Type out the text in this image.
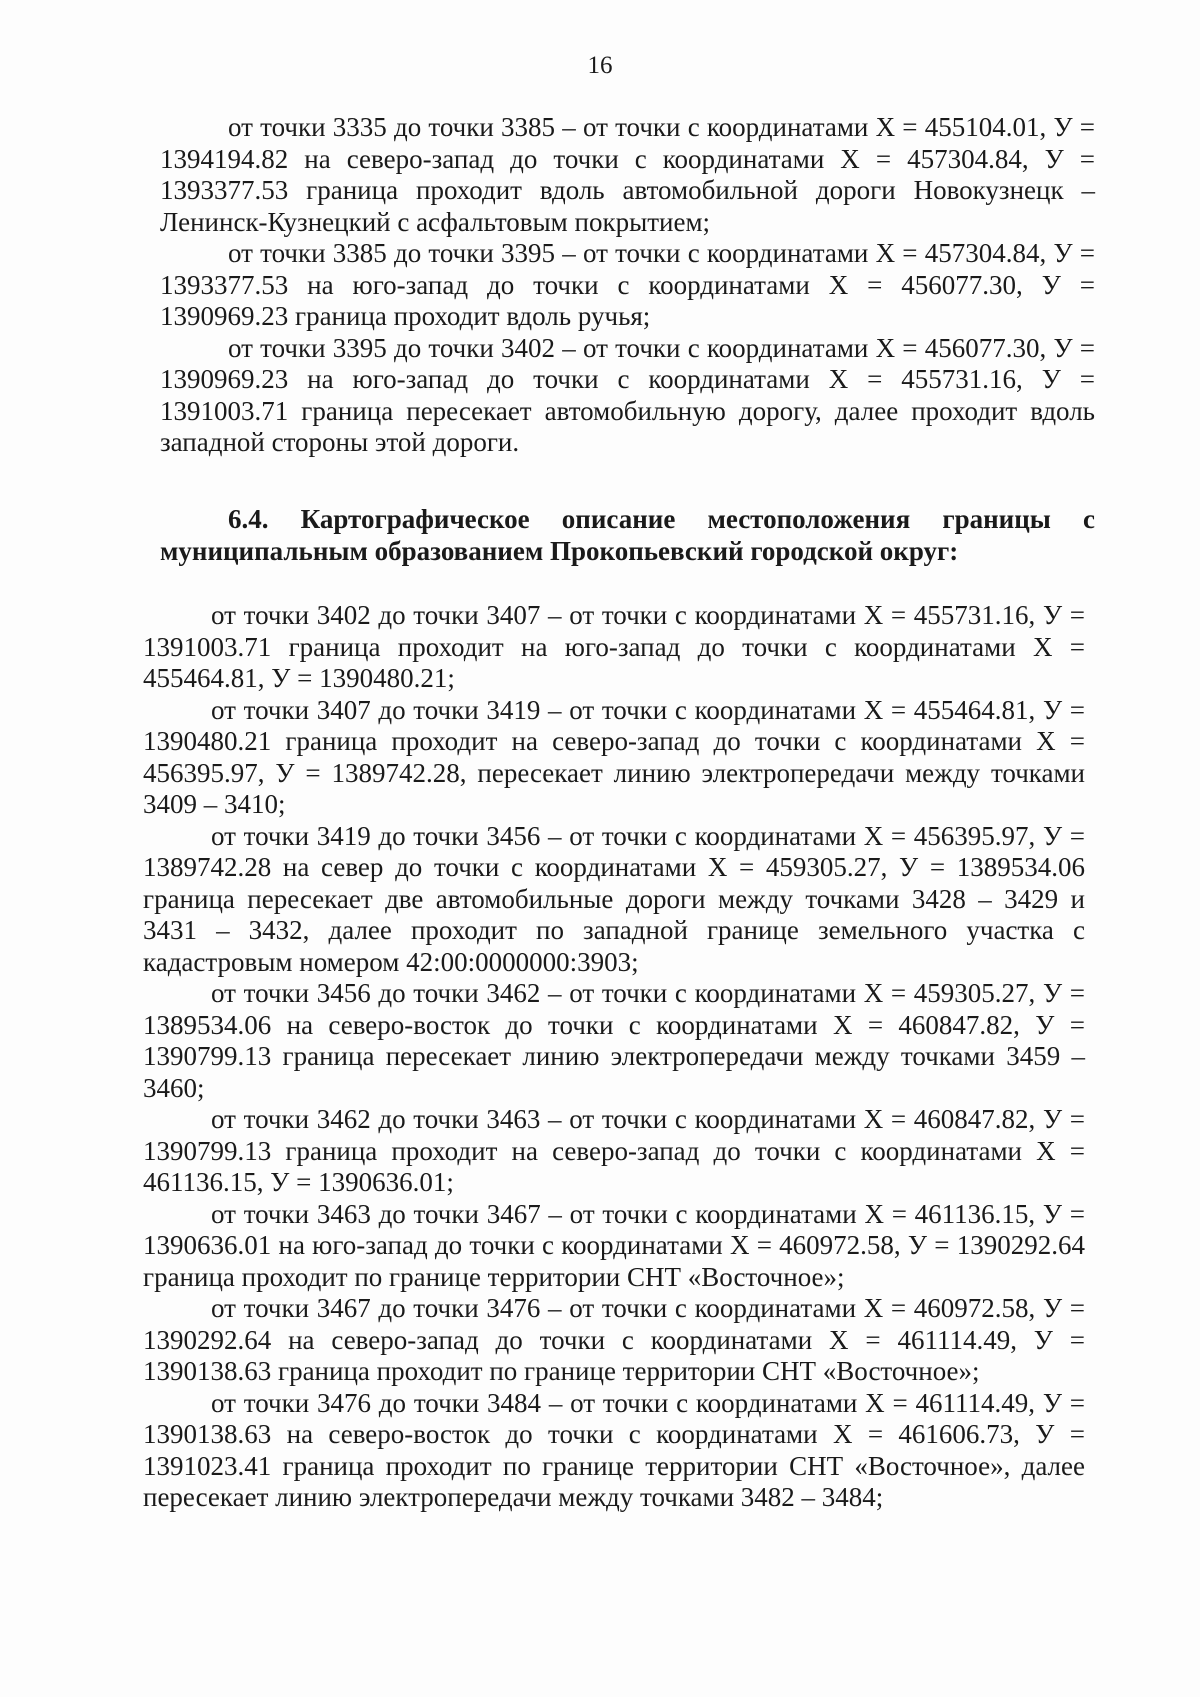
16

от точки 3335 до точки 3385 – от точки с координатами Х = 455104.01, У = 1394194.82 на северо-запад до точки с координатами Х = 457304.84, У = 1393377.53 граница проходит вдоль автомобильной дороги Новокузнецк – Ленинск-Кузнецкий с асфальтовым покрытием;

от точки 3385 до точки 3395 – от точки с координатами Х = 457304.84, У = 1393377.53 на юго-запад до точки с координатами Х = 456077.30, У = 1390969.23 граница проходит вдоль ручья;

от точки 3395 до точки 3402 – от точки с координатами Х = 456077.30, У = 1390969.23 на юго-запад до точки с координатами Х = 455731.16, У = 1391003.71 граница пересекает автомобильную дорогу, далее проходит вдоль западной стороны этой дороги.

6.4. Картографическое описание местоположения границы с муниципальным образованием Прокопьевский городской округ:

от точки 3402 до точки 3407 – от точки с координатами Х = 455731.16, У = 1391003.71 граница проходит на юго-запад до точки с координатами Х = 455464.81, У = 1390480.21;

от точки 3407 до точки 3419 – от точки с координатами Х = 455464.81, У = 1390480.21 граница проходит на северо-запад до точки с координатами Х = 456395.97, У = 1389742.28, пересекает линию электропередачи между точками 3409 – 3410;

от точки 3419 до точки 3456 – от точки с координатами Х = 456395.97, У = 1389742.28 на север до точки с координатами Х = 459305.27, У = 1389534.06 граница пересекает две автомобильные дороги между точками 3428 – 3429 и 3431 – 3432, далее проходит по западной границе земельного участка с кадастровым номером 42:00:0000000:3903;

от точки 3456 до точки 3462 – от точки с координатами Х = 459305.27, У = 1389534.06 на северо-восток до точки с координатами Х = 460847.82, У = 1390799.13 граница пересекает линию электропередачи между точками 3459 – 3460;

от точки 3462 до точки 3463 – от точки с координатами Х = 460847.82, У = 1390799.13 граница проходит на северо-запад до точки с координатами Х = 461136.15, У = 1390636.01;

от точки 3463 до точки 3467 – от точки с координатами Х = 461136.15, У = 1390636.01 на юго-запад до точки с координатами Х = 460972.58, У = 1390292.64 граница проходит по границе территории СНТ «Восточное»;

от точки 3467 до точки 3476 – от точки с координатами Х = 460972.58, У = 1390292.64 на северо-запад до точки с координатами Х = 461114.49, У = 1390138.63 граница проходит по границе территории СНТ «Восточное»;

от точки 3476 до точки 3484 – от точки с координатами Х = 461114.49, У = 1390138.63 на северо-восток до точки с координатами Х = 461606.73, У = 1391023.41 граница проходит по границе территории СНТ «Восточное», далее пересекает линию электропередачи между точками 3482 – 3484;
